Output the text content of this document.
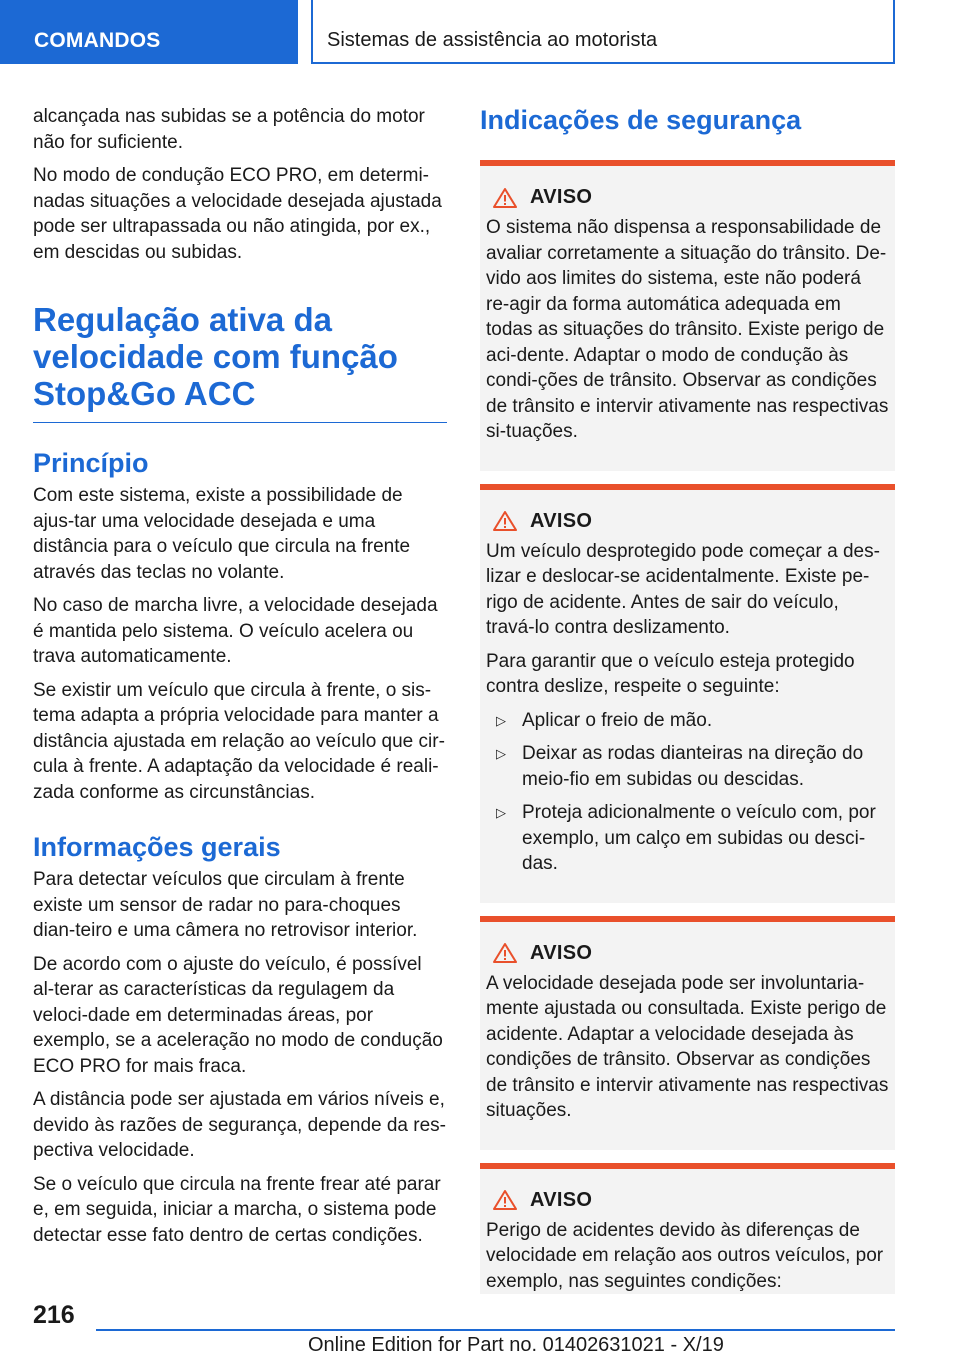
COMANDOS	Sistemas de assistência ao motorista

alcançada nas subidas se a potência do motor não for suficiente.

No modo de condução ECO PRO, em determi-nadas situações a velocidade desejada ajustada pode ser ultrapassada ou não atingida, por ex., em descidas ou subidas.

Regulação ativa da velocidade com função Stop&Go ACC
Princípio

Com este sistema, existe a possibilidade de ajus-tar uma velocidade desejada e uma distância para o veículo que circula na frente através das teclas no volante.

No caso de marcha livre, a velocidade desejada é mantida pelo sistema. O veículo acelera ou trava automaticamente.

Se existir um veículo que circula à frente, o sis-tema adapta a própria velocidade para manter a distância ajustada em relação ao veículo que cir-cula à frente. A adaptação da velocidade é reali-zada conforme as circunstâncias.

Informações gerais

Para detectar veículos que circulam à frente existe um sensor de radar no para-choques dian-teiro e uma câmera no retrovisor interior.

De acordo com o ajuste do veículo, é possível al-terar as características da regulagem da veloci-dade em determinadas áreas, por exemplo, se a aceleração no modo de condução ECO PRO for mais fraca.

A distância pode ser ajustada em vários níveis e, devido às razões de segurança, depende da res-pectiva velocidade.

Se o veículo que circula na frente frear até parar e, em seguida, iniciar a marcha, o sistema pode detectar esse fato dentro de certas condições.

Indicações de segurança
AVISO

O sistema não dispensa a responsabilidade de avaliar corretamente a situação do trânsito. De-vido aos limites do sistema, este não poderá re-agir da forma automática adequada em todas as situações do trânsito. Existe perigo de aci-dente. Adaptar o modo de condução às condi-ções de trânsito. Observar as condições de trânsito e intervir ativamente nas respectivas si-tuações.

AVISO

Um veículo desprotegido pode começar a des-lizar e deslocar-se acidentalmente. Existe pe-rigo de acidente. Antes de sair do veículo, travá-lo contra deslizamento.

Para garantir que o veículo esteja protegido contra deslize, respeite o seguinte:

▷ Aplicar o freio de mão.
▷ Deixar as rodas dianteiras na direção do meio-fio em subidas ou descidas.
▷ Proteja adicionalmente o veículo com, por exemplo, um calço em subidas ou desci-das.
AVISO

A velocidade desejada pode ser involuntaria-mente ajustada ou consultada. Existe perigo de acidente. Adaptar a velocidade desejada às condições de trânsito. Observar as condições de trânsito e intervir ativamente nas respectivas situações.

AVISO

Perigo de acidentes devido às diferenças de velocidade em relação aos outros veículos, por exemplo, nas seguintes condições:

216
Online Edition for Part no. 01402631021 - X/19
